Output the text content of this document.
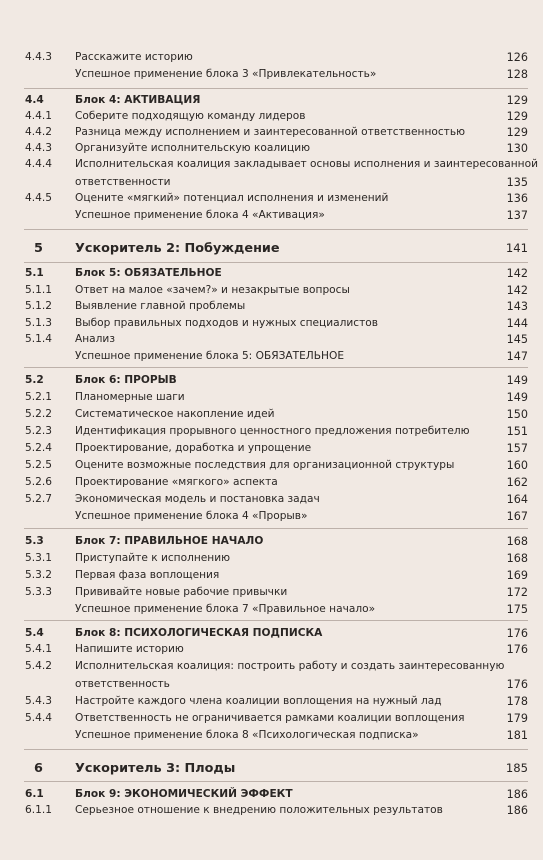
4.4.3 Расскажите историю	126
Успешное применение блока 3 «Привлекательность»	128
4.4	Блок 4: АКТИВАЦИЯ	129
4.4.1 Соберите подходящую команду лидеров	129
4.4.2 Разница между исполнением и заинтересованной ответственностью	129
4.4.3 Организуйте исполнительскую коалицию	130
4.4.4 Исполнительская коалиция закладывает основы исполнения и заинтересованной
ответственности	135
4.4.5 Оцените «мягкий» потенциал исполнения и изменений	136
Успешное применение блока 4 «Активация»	137
5	Ускоритель 2: Побуждение	141
5.1	Блок 5: ОБЯЗАТЕЛЬНОЕ	142
5.1.1 Ответ на малое «зачем?» и незакрытые вопросы	142
5.1.2 Выявление главной проблемы	143
5.1.3 Выбор правильных подходов и нужных специалистов	144
5.1.4 Анализ	145
Успешное применение блока 5: ОБЯЗАТЕЛЬНОЕ	147
5.2	Блок 6: ПРОРЫВ	149
5.2.1 Планомерные шаги	149
5.2.2 Систематическое накопление идей	150
5.2.3 Идентификация прорывного ценностного предложения потребителю	151
5.2.4 Проектирование, доработка и упрощение	157
5.2.5 Оцените возможные последствия для организационной структуры	160
5.2.6 Проектирование «мягкого» аспекта	162
5.2.7 Экономическая модель и постановка задач	164
Успешное применение блока 4 «Прорыв»	167
5.3	Блок 7: ПРАВИЛЬНОЕ НАЧАЛО	168
5.3.1 Приступайте к исполнению	168
5.3.2 Первая фаза воплощения	169
5.3.3 Прививайте новые рабочие привычки	172
Успешное применение блока 7 «Правильное начало»	175
5.4	Блок 8: ПСИХОЛОГИЧЕСКАЯ ПОДПИСКА	176
5.4.1 Напишите историю	176
5.4.2 Исполнительская коалиция: построить работу и создать заинтересованную
ответственность	176
5.4.3 Настройте каждого члена коалиции воплощения на нужный лад	178
5.4.4 Ответственность не ограничивается рамками коалиции воплощения	179
Успешное применение блока 8 «Психологическая подписка»	181
6	Ускоритель 3: Плоды	185
6.1	Блок 9: ЭКОНОМИЧЕСКИЙ ЭФФЕКТ	186
6.1.1 Серьезное отношение к внедрению положительных результатов	186
